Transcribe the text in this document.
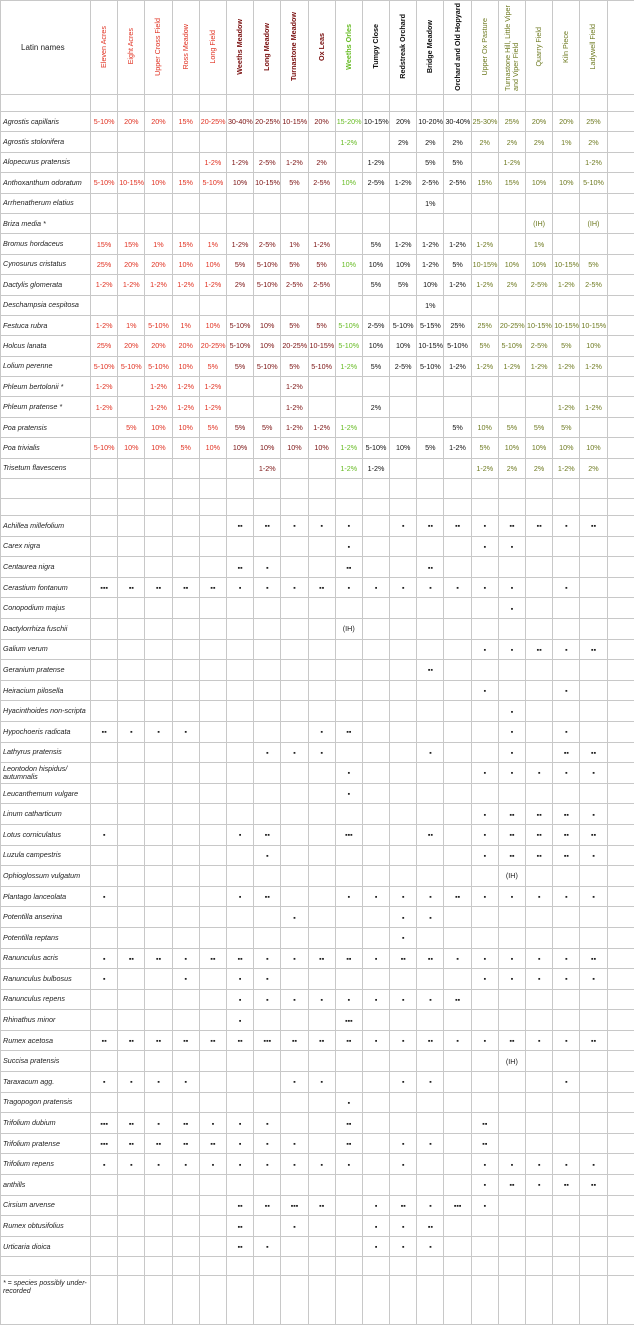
Latin names	Eleven Acres	Eight Acres	Upper Cross Field	Ross Meadow	Long Field	Weeths Meadow	Long Meadow	Turnastone Meadow	Ox Leas	Weeths Orles	Tumpy Close	Redstreak Orchard	Bridge Meadow	Orchard and Old Hopyard	Upper Ox Pasture	Turnastone Hill, Little Viper and Viper Field	Quarry Field	Kiln Piece	Ladywell Field	

Agrostis capillaris	5-10%	20%	20%	15%	20-25%	30-40%	20-25%	10-15%	20%	15-20%	10-15%	20%	10-20%	30-40%	25-30%	25%	20%	20%	25%	
Agrostis stolonifera										1-2%		2%	2%	2%	2%	2%	2%	1%	2%	
Alopecurus pratensis					1-2%	1-2%	2-5%	1-2%	2%		1-2%		5%	5%		1-2%			1-2%	
Anthoxanthum odoratum	5-10%	10-15%	10%	15%	5-10%	10%	10-15%	5%	2-5%	10%	2-5%	1-2%	2-5%	2-5%	15%	15%	10%	10%	5-10%	
Arrhenatherum elatius													1%							
Briza media *																	(IH)		(IH)	
Bromus hordaceus	15%	15%	1%	15%	1%	1-2%	2-5%	1%	1-2%		5%	1-2%	1-2%	1-2%	1-2%		1%			
Cynosurus cristatus	25%	20%	20%	10%	10%	5%	5-10%	5%	5%	10%	10%	10%	1-2%	5%	10-15%	10%	10%	10-15%	5%	
Dactylis glomerata	1-2%	1-2%	1-2%	1-2%	1-2%	2%	5-10%	2-5%	2-5%		5%	5%	10%	1-2%	1-2%	2%	2-5%	1-2%	2-5%	
Deschampsia cespitosa													1%							
Festuca rubra	1-2%	1%	5-10%	1%	10%	5-10%	10%	5%	5%	5-10%	2-5%	5-10%	5-15%	25%	25%	20-25%	10-15%	10-15%	10-15%	
Holcus lanata	25%	20%	20%	20%	20-25%	5-10%	10%	20-25%	10-15%	5-10%	10%	10%	10-15%	5-10%	5%	5-10%	2-5%	5%	10%	
Lolium perenne	5-10%	5-10%	5-10%	10%	5%	5%	5-10%	5%	5-10%	1-2%	5%	2-5%	5-10%	1-2%	1-2%	1-2%	1-2%	1-2%	1-2%	
Phleum bertolonii *	1-2%		1-2%	1-2%	1-2%			1-2%												
Phleum pratense *	1-2%		1-2%	1-2%	1-2%			1-2%			2%							1-2%	1-2%	
Poa pratensis		5%	10%	10%	5%	5%	5%	1-2%	1-2%	1-2%				5%	10%	5%	5%	5%		
Poa trivialis	5-10%	10%	10%	5%	10%	10%	10%	10%	10%	1-2%	5-10%	10%	5%	1-2%	5%	10%	10%	10%	10%	
Trisetum flavescens							1-2%			1-2%	1-2%				1-2%	2%	2%	1-2%	2%	

Achillea millefolium						▪▪	▪▪	▪	▪	▪		▪	▪▪	▪▪	▪	▪▪	▪▪	▪	▪▪	
Carex nigra										▪					▪	▪				
Centaurea nigra						▪▪	▪			▪▪			▪▪							
Cerastium fontanum	▪▪▪	▪▪	▪▪	▪▪	▪▪	▪	▪	▪	▪▪	▪	▪	▪	▪	▪	▪	▪		▪		
Conopodium majus																▪				
Dactylorrhiza fuschii										(IH)										
Galium verum															▪	▪	▪▪	▪	▪▪	
Geranium pratense													▪▪							
Heiracium pilosella															▪			▪		
Hyacinthoides non-scripta																▪				
Hypochoeris radicata	▪▪	▪	▪	▪					▪	▪▪						▪		▪		
Lathyrus pratensis							▪	▪	▪				▪			▪		▪▪	▪▪	
Leontodon hispidus/ autumnalis										▪					▪	▪	▪	▪	▪	
Leucanthemum vulgare										▪										
Linum catharticum															▪	▪▪	▪▪	▪▪	▪	
Lotus corniculatus	▪					▪	▪▪			▪▪▪			▪▪		▪	▪▪	▪▪	▪▪	▪▪	
Luzula campestris							▪								▪	▪▪	▪▪	▪▪	▪	
Ophioglossum vulgatum																(IH)				
Plantago lanceolata	▪					▪	▪▪			▪	▪	▪	▪	▪▪	▪	▪	▪	▪	▪	
Potentilla anserina								▪				▪	▪							
Potentilla reptans												▪								
Ranunculus acris	▪	▪▪	▪▪	▪	▪▪	▪▪	▪	▪	▪▪	▪▪	▪	▪▪	▪▪	▪	▪	▪	▪	▪	▪▪	
Ranunculus bulbosus	▪			▪		▪	▪								▪	▪	▪	▪	▪	
Ranunculus repens						▪	▪	▪	▪	▪	▪	▪	▪	▪▪						
Rhinathus minor						▪				▪▪▪										
Rumex acetosa	▪▪	▪▪	▪▪	▪▪	▪▪	▪▪	▪▪▪	▪▪	▪▪	▪▪	▪	▪	▪▪	▪	▪	▪▪	▪	▪	▪▪	
Succisa pratensis																(IH)				
Taraxacum agg.	▪	▪	▪	▪				▪	▪			▪	▪					▪		
Tragopogon pratensis										▪										
Trifolium dubium	▪▪▪	▪▪	▪	▪▪	▪	▪	▪			▪▪					▪▪					
Trifolium pratense	▪▪▪	▪▪	▪▪	▪▪	▪▪	▪	▪	▪		▪▪		▪	▪		▪▪					
Trifolium repens	▪	▪	▪	▪	▪	▪	▪	▪	▪	▪		▪			▪	▪	▪	▪	▪	
anthills															▪	▪▪	▪	▪▪	▪▪	
Cirsium arvense						▪▪	▪▪	▪▪▪	▪▪		▪	▪▪	▪	▪▪▪	▪					
Rumex obtusifolius						▪▪		▪			▪	▪	▪▪							
Urticaria dioica						▪▪	▪				▪	▪	▪							

* = species possibly under-recorded																				
